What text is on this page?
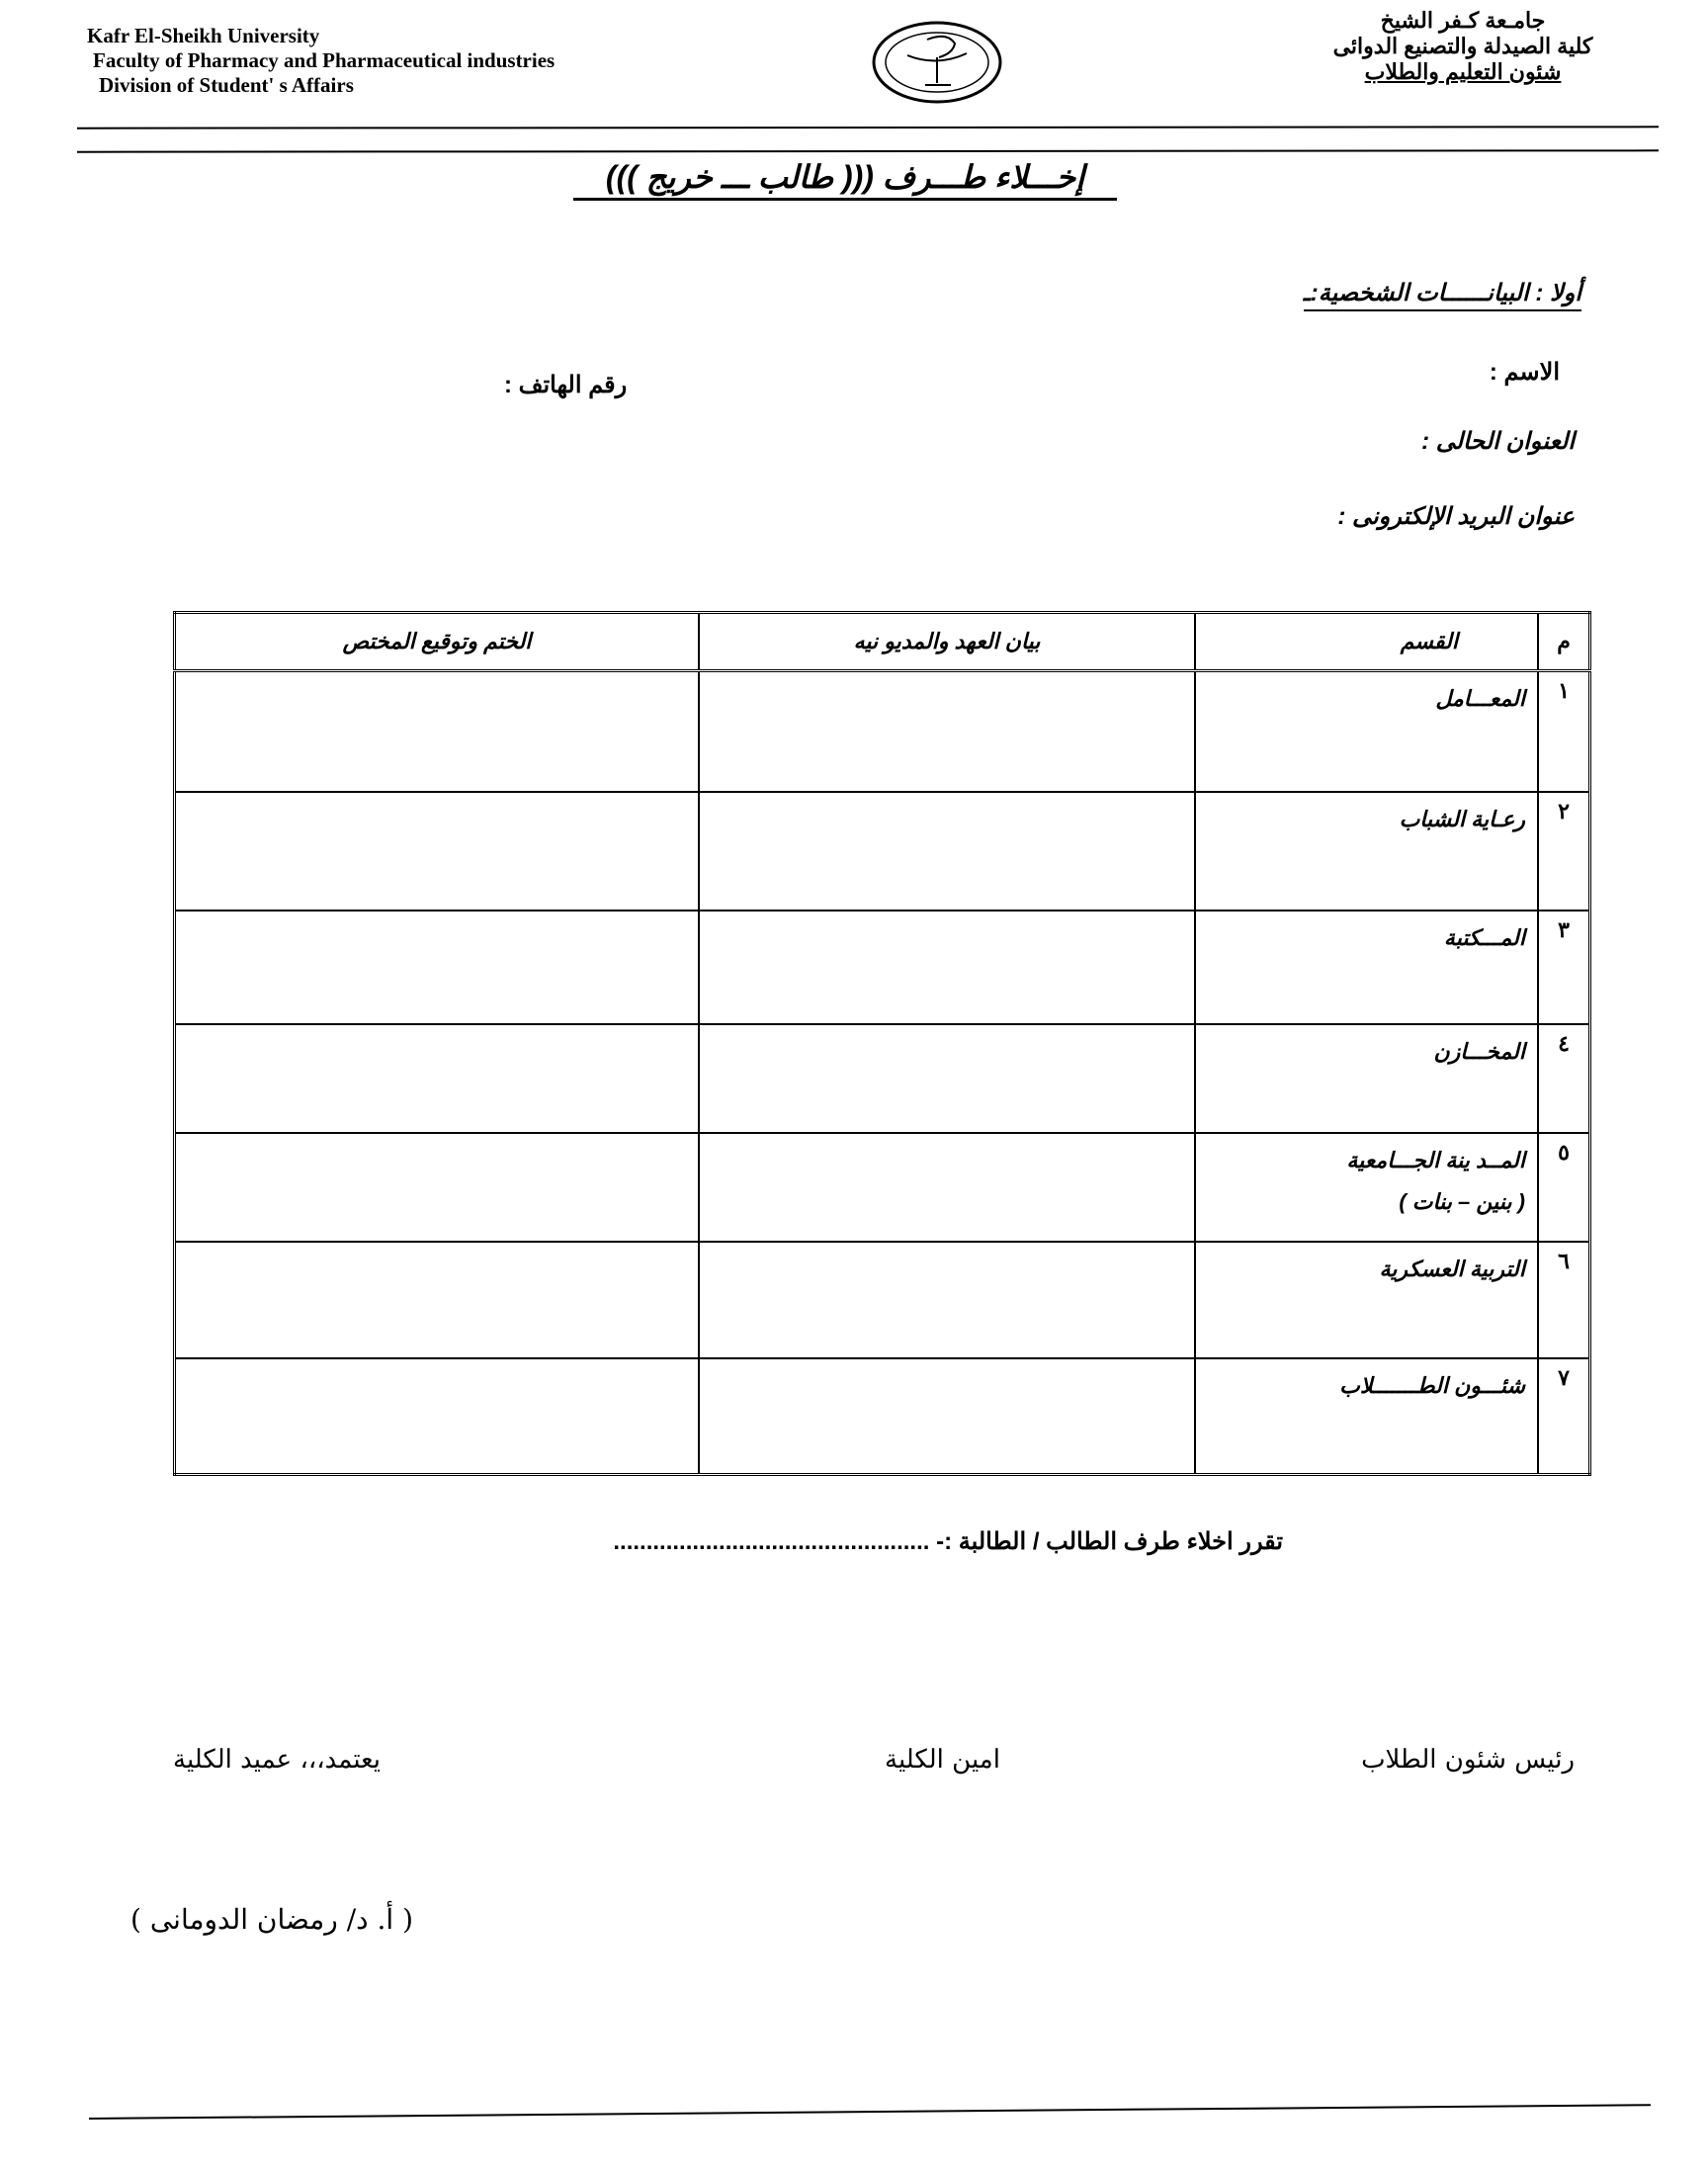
Kafr El-Sheikh University
Faculty of Pharmacy and Pharmaceutical industries
Division of Student' s Affairs
جامـعة كـفر الشيخ
كلية الصيدلة والتصنيع الدوائى
شئون التعليم والطلاب
إخـــلاء طـــرف ((( طالب ـــ خريج )))
أولا : البيانــــــات الشخصية:ـ
الاسم :
رقم الهاتف :
العنوان الحالى :
عنوان البريد الإلكترونى :
م	القسم	بيان العهد والمديو نيه	الختم وتوقيع المختص
١	المعـــامل		

٢	رعـاية الشباب		

٣	المـــكتبة		

٤	المخـــازن		

٥	المــد ينة الجـــامعية
( بنين – بنات )		

٦	التربية العسكرية		

٧	شئـــون الطـــــــلاب		

تقرر اخلاء طرف الطالب / الطالبة :- ................................................
رئيس شئون الطلاب
امين الكلية
يعتمد،،، عميد الكلية
( أ. د/ رمضان الدومانى )
